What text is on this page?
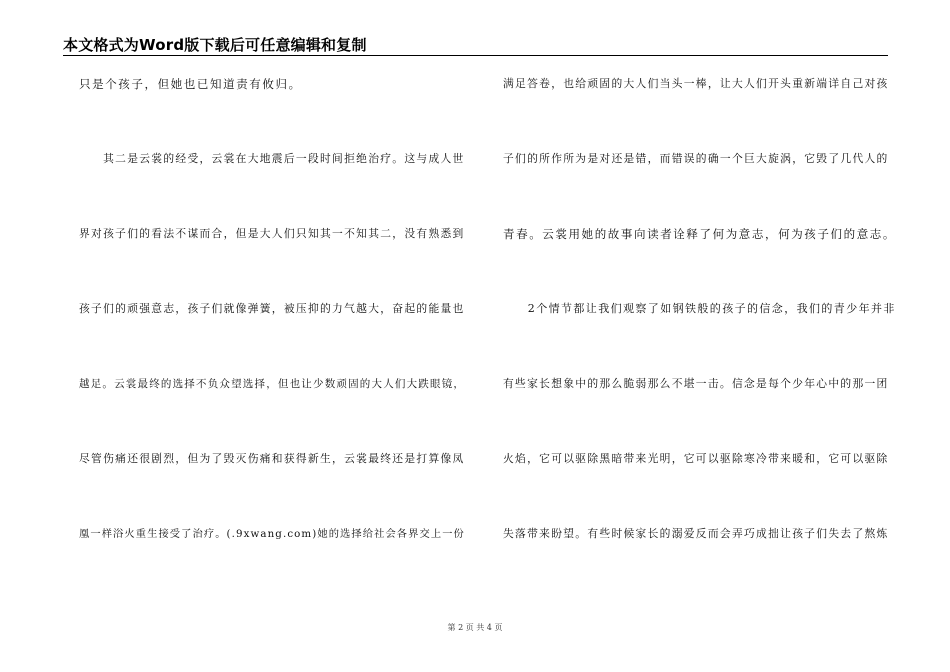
本文格式为Word版下载后可任意编辑和复制
只是个孩子，但她也已知道责有攸归。
　　其二是云裳的经受，云裳在大地震后一段时间拒绝治疗。这与成人世
界对孩子们的看法不谋而合，但是大人们只知其一不知其二，没有熟悉到
孩子们的顽强意志，孩子们就像弹簧，被压抑的力气越大，奋起的能量也
越足。云裳最终的选择不负众望选择，但也让少数顽固的大人们大跌眼镜，
尽管伤痛还很剧烈，但为了毁灭伤痛和获得新生，云裳最终还是打算像凤
凰一样浴火重生接受了治疗。(.9xwang.com)她的选择给社会各界交上一份
满足答卷，也给顽固的大人们当头一棒，让大人们开头重新端详自己对孩
子们的所作所为是对还是错，而错误的确一个巨大旋涡，它毁了几代人的
青春。云裳用她的故事向读者诠释了何为意志，何为孩子们的意志。
　　2个情节都让我们观察了如钢铁般的孩子的信念，我们的青少年并非
有些家长想象中的那么脆弱那么不堪一击。信念是每个少年心中的那一团
火焰，它可以驱除黑暗带来光明，它可以驱除寒冷带来暖和，它可以驱除
失落带来盼望。有些时候家长的溺爱反而会弄巧成拙让孩子们失去了熬炼
第 2 页 共 4 页
